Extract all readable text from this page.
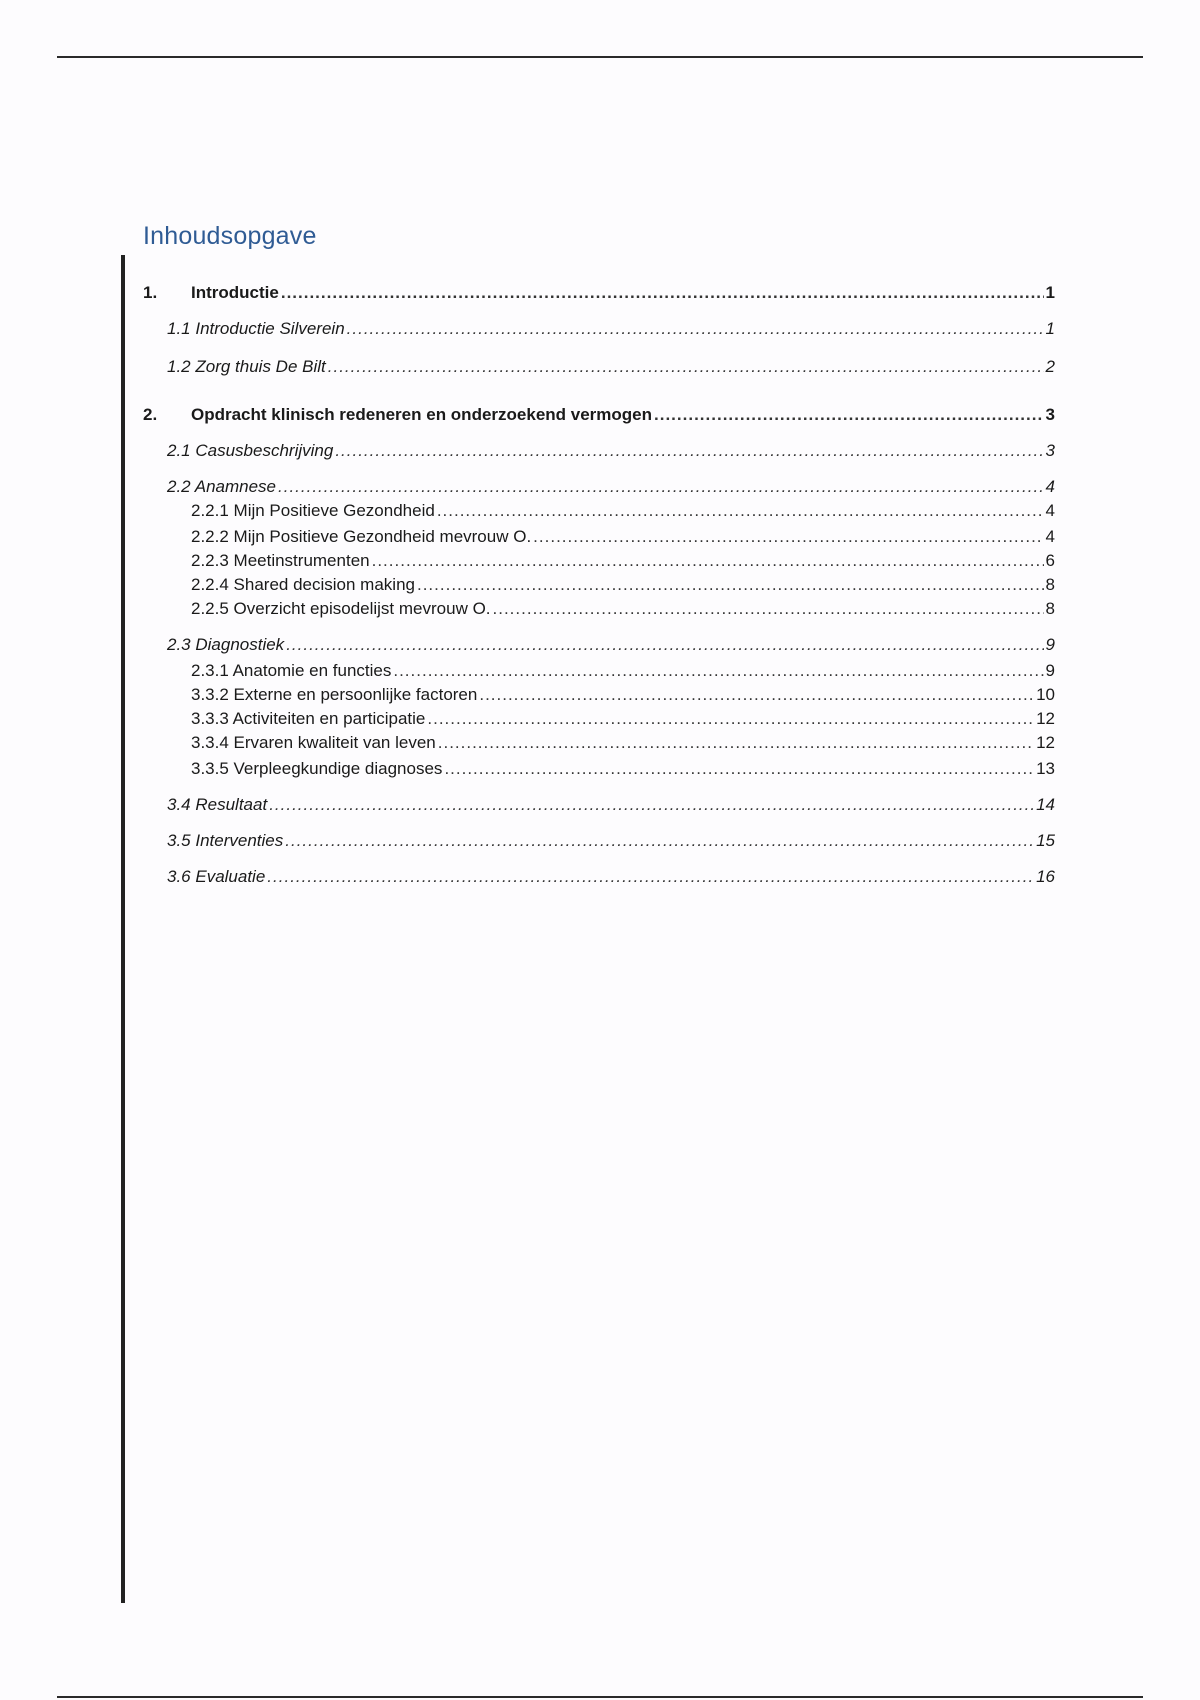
Inhoudsopgave
1.	Introductie .....	1
1.1 Introductie Silverein .....	1
1.2 Zorg thuis De Bilt .....	2
2.	Opdracht klinisch redeneren en onderzoekend vermogen .....	3
2.1 Casusbeschrijving .....	3
2.2 Anamnese .....	4
2.2.1 Mijn Positieve Gezondheid .....	4
2.2.2 Mijn Positieve Gezondheid mevrouw O. .....	4
2.2.3 Meetinstrumenten .....	6
2.2.4 Shared decision making .....	8
2.2.5 Overzicht episodelijst mevrouw O. .....	8
2.3 Diagnostiek .....	9
2.3.1 Anatomie en functies .....	9
3.3.2 Externe en persoonlijke factoren .....	10
3.3.3 Activiteiten en participatie .....	12
3.3.4 Ervaren kwaliteit van leven .....	12
3.3.5 Verpleegkundige diagnoses .....	13
3.4 Resultaat .....	14
3.5 Interventies .....	15
3.6 Evaluatie .....	16
